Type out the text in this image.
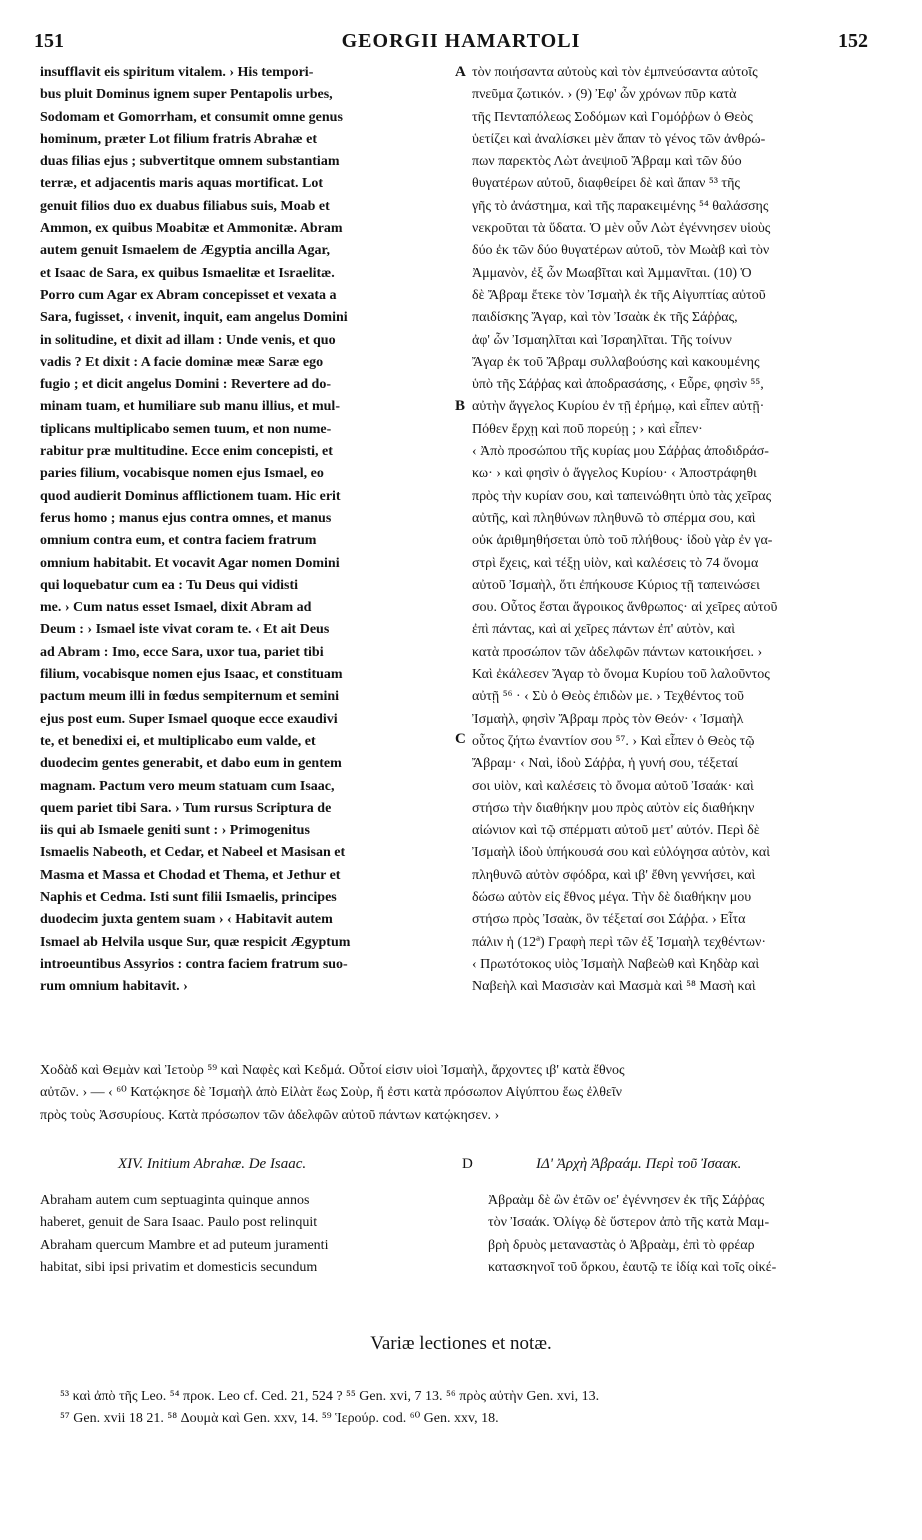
151	GEORGII HAMARTOLI	152
insufflavit eis spiritum vitalem. › His tempori-
bus pluit Dominus ignem super Pentapolis urbes,
Sodomam et Gomorrham, et consumit omne genus
hominum, præter Lot filium fratris Abrahæ et
duas filias ejus ; subvertitque omnem substantiam
terræ, et adjacentis maris aquas mortificat. Lot
genuit filios duo ex duabus filiabus suis, Moab et
Ammon, ex quibus Moabitæ et Ammonitæ. Abram
autem genuit Ismaelem de Ægyptia ancilla Agar,
et Isaac de Sara, ex quibus Ismaelitæ et Israelitæ.
Porro cum Agar ex Abram concepisset et vexata a
Sara, fugisset, ‹ invenit, inquit, eam angelus Domini
in solitudine, et dixit ad illam : Unde venis, et quo
vadis ? Et dixit : A facie dominæ meæ Saræ ego
fugio ; et dicit angelus Domini : Revertere ad do-
minam tuam, et humiliare sub manu illius, et mul-
tiplicans multiplicabo semen tuum, et non nume-
rabitur præ multitudine. Ecce enim concepisti, et
paries filium, vocabisque nomen ejus Ismael, eo
quod audierit Dominus afflictionem tuam. Hic erit
ferus homo ; manus ejus contra omnes, et manus
omnium contra eum, et contra faciem fratrum
omnium habitabit. Et vocavit Agar nomen Domini
qui loquebatur cum ea : Tu Deus qui vidisti
me. › Cum natus esset Ismael, dixit Abram ad
Deum : › Ismael iste vivat coram te. ‹ Et ait Deus
ad Abram : Imo, ecce Sara, uxor tua, pariet tibi
filium, vocabisque nomen ejus Isaac, et constituam
pactum meum illi in fœdus sempiternum et semini
ejus post eum. Super Ismael quoque ecce exaudivi
te, et benedixi ei, et multiplicabo eum valde, et
duodecim gentes generabit, et dabo eum in gentem
magnam. Pactum vero meum statuam cum Isaac,
quem pariet tibi Sara. › Tum rursus Scriptura de
iis qui ab Ismaele geniti sunt : › Primogenitus
Ismaelis Nabeoth, et Cedar, et Nabeel et Masisan et
Masma et Massa et Chodad et Thema, et Jethur et
Naphis et Cedma. Isti sunt filii Ismaelis, principes
duodecim juxta gentem suam › ‹ Habitavit autem
Ismael ab Helvila usque Sur, quæ respicit Ægyptum
introeuntibus Assyrios : contra faciem fratrum suo-
rum omnium habitavit. ›
τὸν ποιήσαντα αὐτοὺς καὶ τὸν ἐμπνεύσαντα αὐτοῖς
πνεῦμα ζωτικόν. › (9) Ἐφ' ὧν χρόνων πῦρ κατὰ
τῆς Πενταπόλεως Σοδόμων καὶ Γομόῤῥων ὁ Θεὸς
ὑετίζει καὶ ἀναλίσκει μὲν ἅπαν τὸ γένος τῶν ἀνθρώ-
πων παρεκτὸς Λὼτ ἀνεψιοῦ Ἄβραμ καὶ τῶν δύο
θυγατέρων αὐτοῦ, διαφθείρει δὲ καὶ ἅπαν ⁵³ τῆς
γῆς τὸ ἀνάστημα, καὶ τῆς παρακειμένης ⁵⁴ θαλάσσης
νεκροῦται τὰ ὕδατα. Ὁ μὲν οὖν Λὼτ ἐγέννησεν υἱοὺς
δύο ἐκ τῶν δύο θυγατέρων αὐτοῦ, τὸν Μωὰβ καὶ τὸν
Ἀμμανὸν, ἐξ ὧν Μωαβῖται καὶ Ἀμμανῖται. (10) Ὁ
δὲ Ἄβραμ ἔτεκε τὸν Ἰσμαὴλ ἐκ τῆς Αἰγυπτίας αὐτοῦ
παιδίσκης Ἄγαρ, καὶ τὸν Ἰσαὰκ ἐκ τῆς Σάῤῥας,
ἀφ' ὧν Ἰσμαηλῖται καὶ Ἰσραηλῖται. Τῆς τοίνυν
Ἄγαρ ἐκ τοῦ Ἄβραμ συλλαβούσης καὶ κακουμένης
ὑπὸ τῆς Σάῤῥας καὶ ἀποδρασάσης, ‹ Εὗρε, φησὶν ⁵⁵,
αὐτὴν ἄγγελος Κυρίου ἐν τῇ ἐρήμῳ, καὶ εἶπεν αὐτῇ·
Πόθεν ἔρχῃ καὶ ποῦ πορεύῃ ; › καὶ εἶπεν·
‹ Ἀπὸ προσώπου τῆς κυρίας μου Σάῤῥας ἀποδιδράσ-
κω· › καὶ φησὶν ὁ ἄγγελος Κυρίου· ‹ Ἀποστράφηθι
πρὸς τὴν κυρίαν σου, καὶ ταπεινώθητι ὑπὸ τὰς χεῖρας
αὐτῆς, καὶ πληθύνων πληθυνῶ τὸ σπέρμα σου, καὶ
οὐκ ἀριθμηθήσεται ὑπὸ τοῦ πλήθους· ἰδοὺ γὰρ ἐν γα-
στρὶ ἔχεις, καὶ τέξῃ υἱὸν, καὶ καλέσεις τὸ 74 ὄνομα
αὐτοῦ Ἰσμαὴλ, ὅτι ἐπήκουσε Κύριος τῇ ταπεινώσει
σου. Οὗτος ἔσται ἄγροικος ἄνθρωπος· αἱ χεῖρες αὐτοῦ
ἐπὶ πάντας, καὶ αἱ χεῖρες πάντων ἐπ' αὐτὸν, καὶ
κατὰ προσώπον τῶν ἀδελφῶν πάντων κατοικήσει. ›
Καὶ ἐκάλεσεν Ἄγαρ τὸ ὄνομα Κυρίου τοῦ λαλοῦντος
αὐτῇ ⁵⁶ · ‹ Σὺ ὁ Θεὸς ἐπιδὼν με. › Τεχθέντος τοῦ
Ἰσμαὴλ, φησὶν Ἄβραμ πρὸς τὸν Θεόν· ‹ Ἰσμαὴλ
οὗτος ζήτω ἐναντίον σου ⁵⁷. › Καὶ εἶπεν ὁ Θεὸς τῷ
Ἄβραμ· ‹ Ναὶ, ἰδοὺ Σάῤῥα, ἡ γυνή σου, τέξεταί
σοι υἱὸν, καὶ καλέσεις τὸ ὄνομα αὐτοῦ Ἰσαάκ· καὶ
στήσω τὴν διαθήκην μου πρὸς αὐτὸν εἰς διαθήκην
αἰώνιον καὶ τῷ σπέρματι αὐτοῦ μετ' αὐτόν. Περὶ δὲ
Ἰσμαὴλ ἰδοὺ ὑπήκουσά σου καὶ εὐλόγησα αὐτὸν, καὶ
πληθυνῶ αὐτὸν σφόδρα, καὶ ιβ' ἔθνη γεννήσει, καὶ
δώσω αὐτὸν εἰς ἔθνος μέγα. Τὴν δὲ διαθήκην μου
στήσω πρὸς Ἰσαὰκ, ὃν τέξεταί σοι Σάῤῥα. › Εἶτα
πάλιν ἡ (12ª) Γραφὴ περὶ τῶν ἐξ Ἰσμαὴλ τεχθέντων·
‹ Πρωτότοκος υἱὸς Ἰσμαὴλ Ναβεὼθ καὶ Κηδὰρ καὶ
Ναβεὴλ καὶ Μασισὰν καὶ Μασμὰ καὶ ⁵⁸ Μασὴ καὶ
A
B
C
Χοδὰδ καὶ Θεμὰν καὶ Ἰετοὺρ ⁵⁹ καὶ Ναφὲς καὶ Κεδμά. Οὗτοί εἰσιν υἱοὶ Ἰσμαὴλ, ἄρχοντες ιβ' κατὰ ἔθνος
αὐτῶν. › — ‹ ⁶⁰ Κατῴκησε δὲ Ἰσμαὴλ ἀπὸ Εἰλὰτ ἕως Σοὺρ, ἥ ἐστι κατὰ πρόσωπον Αἰγύπτου ἕως ἐλθεῖν
πρὸς τοὺς Ἀσσυρίους. Κατὰ πρόσωπον τῶν ἀδελφῶν αὐτοῦ πάντων κατῴκησεν. ›
XIV. Initium Abrahæ. De Isaac.	D	ΙΔ' Ἀρχὴ Ἀβραάμ. Περὶ τοῦ Ἰσαακ.
Abraham autem cum septuaginta quinque annos
haberet, genuit de Sara Isaac. Paulo post relinquit
Abraham quercum Mambre et ad puteum juramenti
habitat, sibi ipsi privatim et domesticis secundum
Ἀβραὰμ δὲ ὢν ἐτῶν οε' ἐγέννησεν ἐκ τῆς Σάῤῥας
τὸν Ἰσαάκ. Ὀλίγῳ δὲ ὕστερον ἀπὸ τῆς κατὰ Μαμ-
βρὴ δρυὸς μεταναστὰς ὁ Ἀβραὰμ, ἐπὶ τὸ φρέαρ
κατασκηνοῖ τοῦ ὅρκου, ἑαυτῷ τε ἰδίᾳ καὶ τοῖς οἰκέ-
Variæ lectiones et notæ.
⁵³ καὶ ἀπὸ τῆς Leo. ⁵⁴ προκ. Leo cf. Ced. 21, 524 ? ⁵⁵ Gen. xvi, 7 13. ⁵⁶ πρὸς αὐτὴν Gen. xvi, 13.
⁵⁷ Gen. xvii 18 21. ⁵⁸ Δουμὰ καὶ Gen. xxv, 14. ⁵⁹ Ἱερούρ. cod. ⁶⁰ Gen. xxv, 18.
